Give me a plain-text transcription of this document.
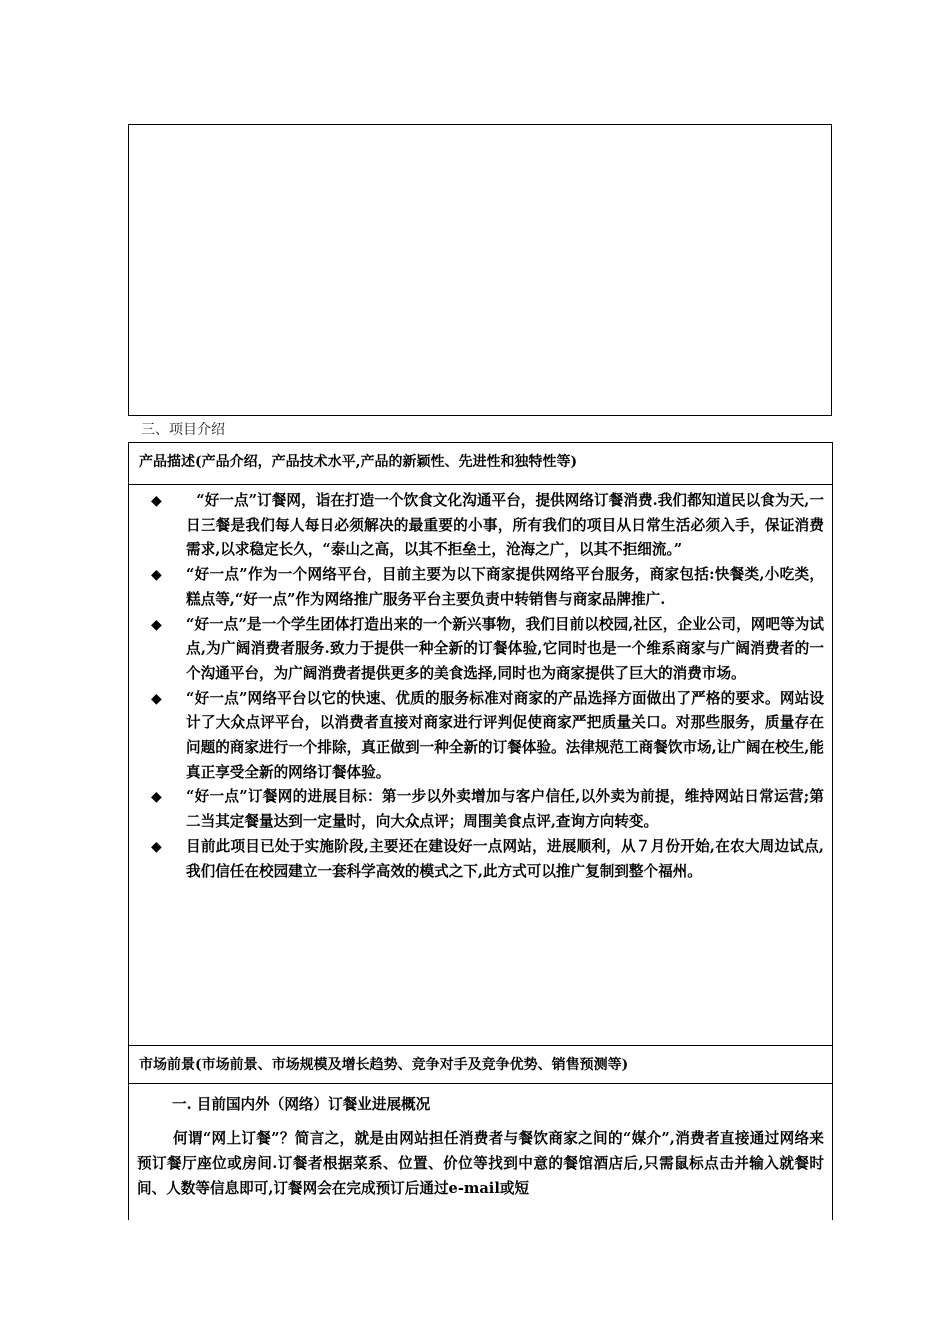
三、项目介绍
产品描述(产品介绍，产品技术水平,产品的新颖性、先进性和独特性等)
◆ “好一点”订餐网，诣在打造一个饮食文化沟通平台，提供网络订餐消费.我们都知道民以食为天,一日三餐是我们每人每日必须解决的最重要的小事，所有我们的项目从日常生活必须入手，保证消费需求,以求稳定长久，“泰山之高，以其不拒垒土，沧海之广，以其不拒细流。”
◆ “好一点”作为一个网络平台，目前主要为以下商家提供网络平台服务，商家包括:快餐类,小吃类，糕点等,“好一点”作为网络推广服务平台主要负责中转销售与商家品牌推广.
◆ “好一点”是一个学生团体打造出来的一个新兴事物，我们目前以校园,社区，企业公司，网吧等为试点,为广阔消费者服务.致力于提供一种全新的订餐体验,它同时也是一个维系商家与广阔消费者的一个沟通平台，为广阔消费者提供更多的美食选择,同时也为商家提供了巨大的消费市场。
◆ “好一点”网络平台以它的快速、优质的服务标准对商家的产品选择方面做出了严格的要求。网站设计了大众点评平台，以消费者直接对商家进行评判促使商家严把质量关口。对那些服务，质量存在问题的商家进行一个排除，真正做到一种全新的订餐体验。法律规范工商餐饮市场,让广阔在校生,能真正享受全新的网络订餐体验。
◆ “好一点”订餐网的进展目标：第一步以外卖增加与客户信任,以外卖为前提，维持网站日常运营;第二当其定餐量达到一定量时，向大众点评；周围美食点评,查询方向转变。
◆ 目前此项目已处于实施阶段,主要还在建设好一点网站，进展顺利，从７月份开始,在农大周边试点,我们信任在校园建立一套科学高效的模式之下,此方式可以推广复制到整个福州。
市场前景(市场前景、市场规模及增长趋势、竞争对手及竞争优势、销售预测等)
一. 目前国内外（网络）订餐业进展概况
何谓“网上订餐”？简言之，就是由网站担任消费者与餐饮商家之间的“媒介”,消费者直接通过网络来预订餐厅座位或房间.订餐者根据菜系、位置、价位等找到中意的餐馆酒店后,只需鼠标点击并输入就餐时间、人数等信息即可,订餐网会在完成预订后通过e-mail或短
